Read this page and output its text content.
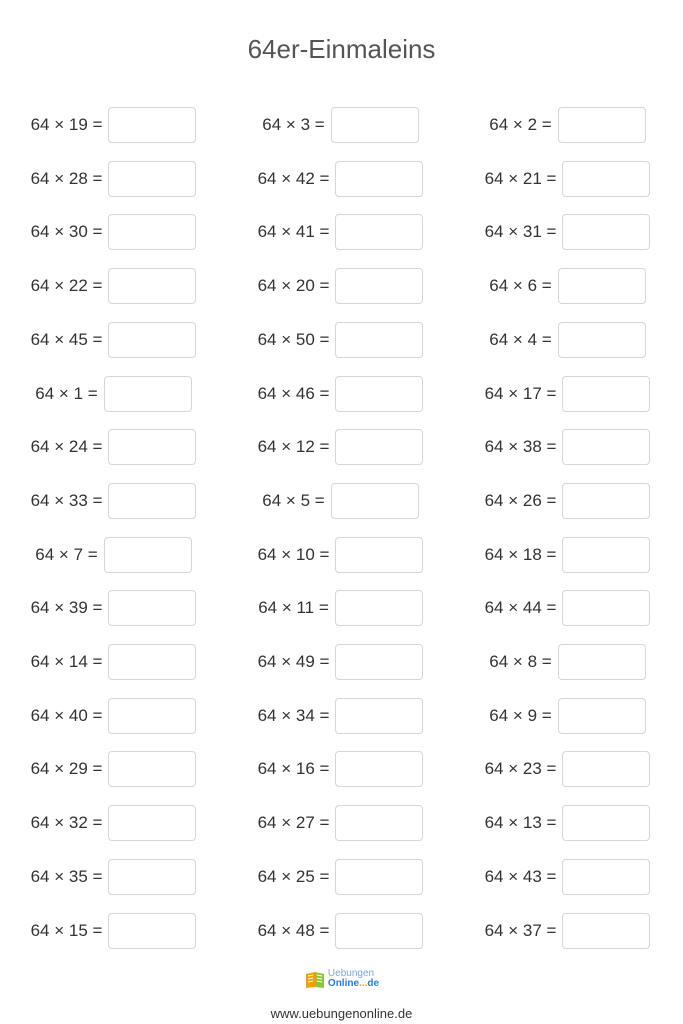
64er-Einmaleins
64 × 19 =
64 × 28 =
64 × 30 =
64 × 22 =
64 × 45 =
64 × 1 =
64 × 24 =
64 × 33 =
64 × 7 =
64 × 39 =
64 × 14 =
64 × 40 =
64 × 29 =
64 × 32 =
64 × 35 =
64 × 15 =
64 × 3 =
64 × 42 =
64 × 41 =
64 × 20 =
64 × 50 =
64 × 46 =
64 × 12 =
64 × 5 =
64 × 10 =
64 × 11 =
64 × 49 =
64 × 34 =
64 × 16 =
64 × 27 =
64 × 25 =
64 × 48 =
64 × 2 =
64 × 21 =
64 × 31 =
64 × 6 =
64 × 4 =
64 × 17 =
64 × 38 =
64 × 26 =
64 × 18 =
64 × 44 =
64 × 8 =
64 × 9 =
64 × 23 =
64 × 13 =
64 × 43 =
64 × 37 =
Uebungen
Online...de
www.uebungenonline.de
